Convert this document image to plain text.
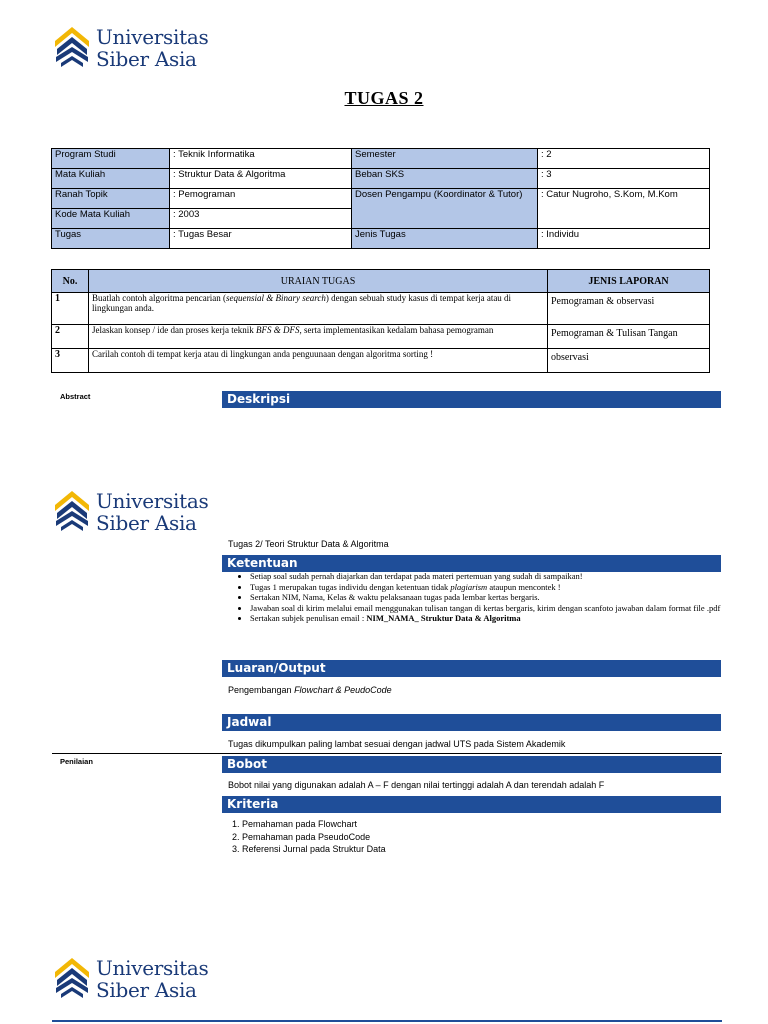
Universitas
Siber Asia
TUGAS 2
Program Studi	: Teknik Informatika	Semester	: 2
Mata Kuliah	: Struktur Data & Algoritma	Beban SKS	: 3
Ranah Topik	: Pemograman	Dosen Pengampu (Koordinator & Tutor)	: Catur Nugroho, S.Kom, M.Kom
Kode Mata Kuliah	: 2003		
Tugas	: Tugas Besar	Jenis Tugas	: Individu
No.	URAIAN TUGAS	JENIS LAPORAN
1	Buatlah contoh algoritma pencarian (sequensial & Binary search) dengan sebuah study kasus di tempat kerja atau di lingkungan anda.	Pemograman & observasi
2	Jelaskan konsep / ide dan proses kerja teknik BFS & DFS, serta implementasikan kedalam bahasa pemograman	Pemograman & Tulisan Tangan
3	Carilah contoh di tempat kerja atau di lingkungan anda penguunaan dengan algoritma sorting !	observasi
Abstract	Deskripsi
Universitas
Siber Asia
Tugas 2/ Teori Struktur Data & Algoritma
Ketentuan
• Setiap soal sudah pernah diajarkan dan terdapat pada materi pertemuan yang sudah di sampaikan!
• Tugas 1 merupakan tugas individu dengan ketentuan tidak plagiarism ataupun mencontek !
• Sertakan NIM, Nama, Kelas & waktu pelaksanaan tugas pada lembar kertas bergaris.
• Jawaban soal di kirim melalui email menggunakan tulisan tangan di kertas bergaris, kirim dengan scanfoto jawaban dalam format file .pdf
• Sertakan subjek penulisan email : NIM_NAMA_ Struktur Data & Algoritma
Luaran/Output
Pengembangan Flowchart & PeudoCode
Jadwal
Tugas dikumpulkan paling lambat sesuai dengan jadwal UTS pada Sistem Akademik
Penilaian	Bobot
Bobot nilai yang digunakan adalah A – F dengan nilai tertinggi adalah A dan terendah adalah F
Kriteria
1. Pemahaman pada Flowchart
2. Pemahaman pada PseudoCode
3. Referensi Jurnal pada Struktur Data
Universitas
Siber Asia
